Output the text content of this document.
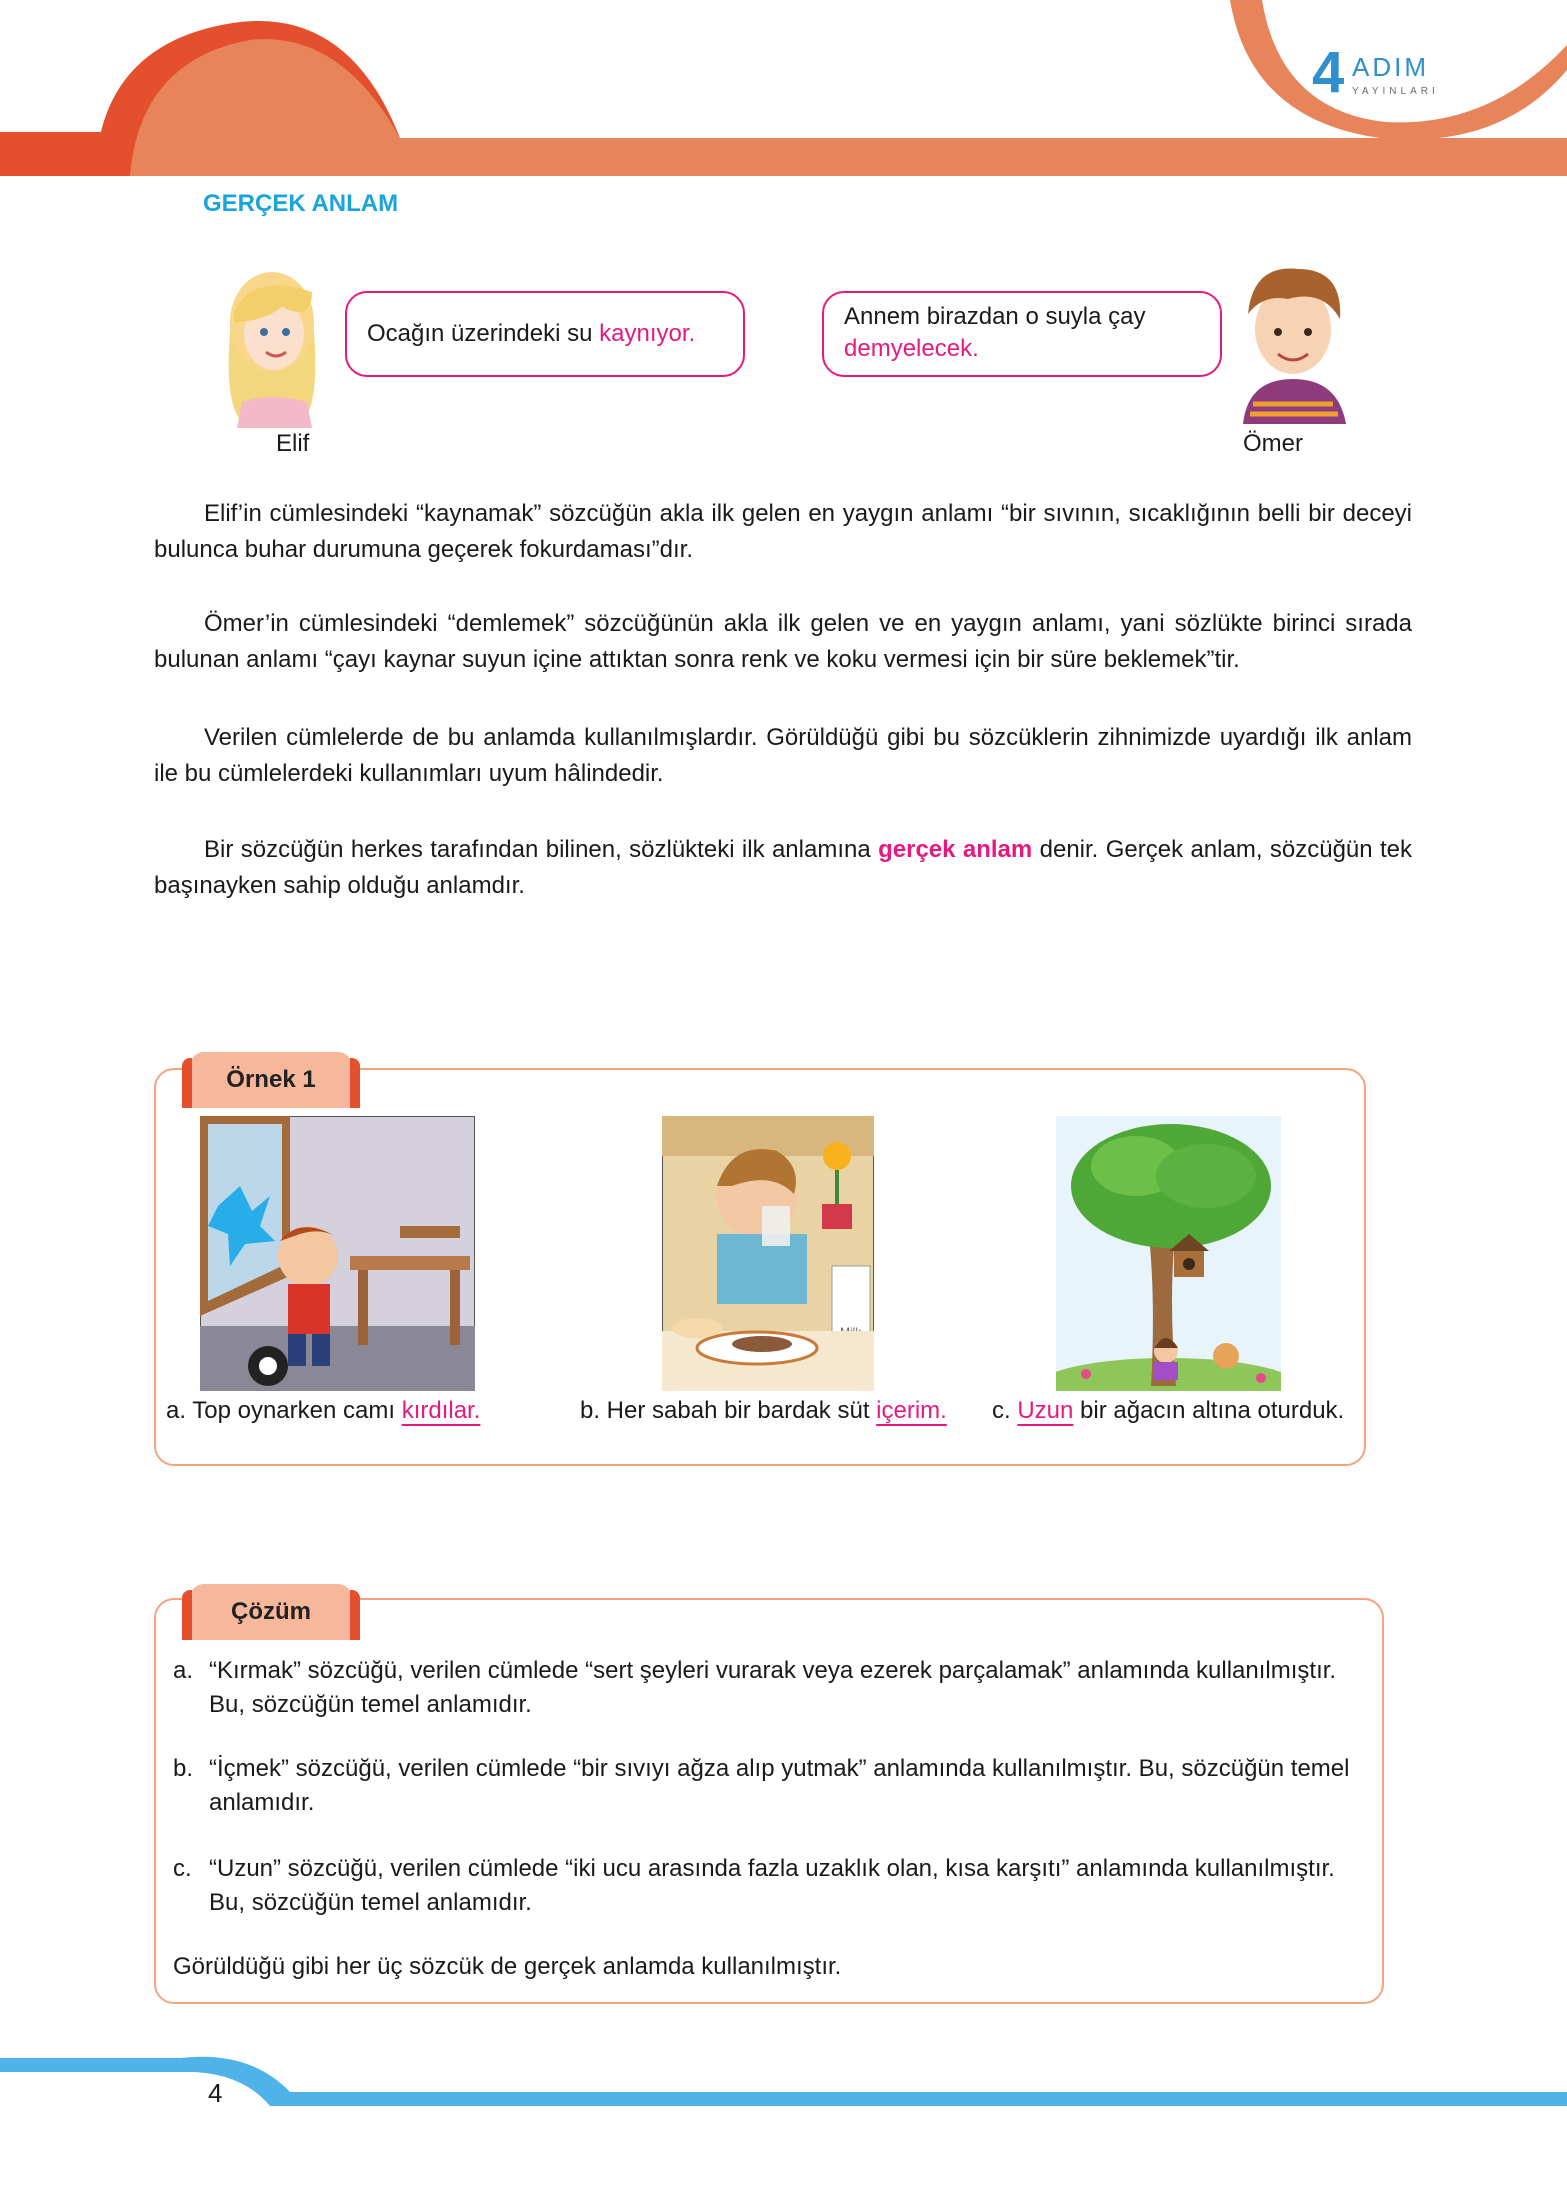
4 ADIM
YAYINLARI
GERÇEK ANLAM
Ocağın üzerindeki su kaynıyor.
Elif
Annem birazdan o suyla çay
demyelecek.
Ömer

Elif’in cümlesindeki “kaynamak” sözcüğün akla ilk gelen en yaygın anlamı “bir sıvının, sıcaklığının belli bir deceyi bulunca buhar durumuna geçerek fokurdaması”dır.

Ömer’in cümlesindeki “demlemek” sözcüğünün akla ilk gelen ve en yaygın anlamı, yani sözlükte birinci sırada bulunan anlamı “çayı kaynar suyun içine attıktan sonra renk ve koku vermesi için bir süre beklemek”tir.

Verilen cümlelerde de bu anlamda kullanılmışlardır. Görüldüğü gibi bu sözcüklerin zihnimizde uyardığı ilk anlam ile bu cümlelerdeki kullanımları uyum hâlindedir.

Bir sözcüğün herkes tarafından bilinen, sözlükteki ilk anlamına gerçek anlam denir. Gerçek anlam, sözcüğün tek başınayken sahip olduğu anlamdır.

Örnek 1
a. Top oynarken camı kırdılar.	b. Her sabah bir bardak süt içerim. c. Uzun bir ağacın altına oturduk.
Çözüm
a. “Kırmak” sözcüğü, verilen cümlede “sert şeyleri vurarak veya ezerek parçalamak” anlamında kullanılmıştır. Bu, sözcüğün temel anlamıdır.
b. “İçmek” sözcüğü, verilen cümlede “bir sıvıyı ağza alıp yutmak” anlamında kullanılmıştır. Bu, sözcüğün temel anlamıdır.
c. “Uzun” sözcüğü, verilen cümlede “iki ucu arasında fazla uzaklık olan, kısa karşıtı” anlamında kullanılmıştır. Bu, sözcüğün temel anlamıdır.
Görüldüğü gibi her üç sözcük de gerçek anlamda kullanılmıştır.
4
